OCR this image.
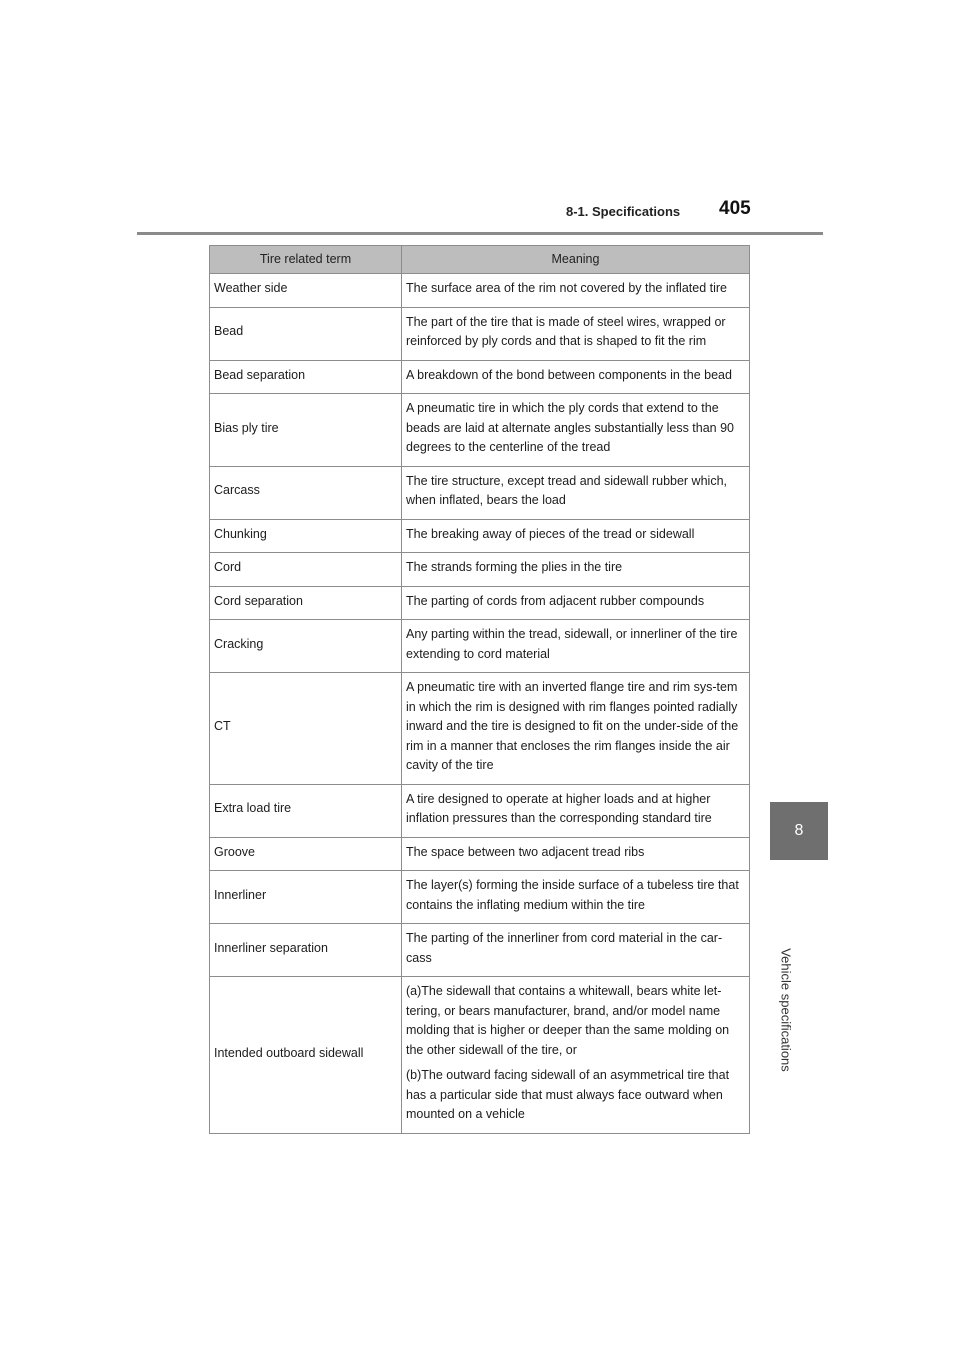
8-1. Specifications 405
8
Vehicle specifications
Tire related term	Meaning
Weather side	The surface area of the rim not covered by the inflated tire

Bead	The part of the tire that is made of steel wires, wrapped or reinforced by ply cords and that is shaped to fit the rim

Bead separation	A breakdown of the bond between components in the bead

Bias ply tire	A pneumatic tire in which the ply cords that extend to the beads are laid at alternate angles substantially less than 90 degrees to the centerline of the tread

Carcass	The tire structure, except tread and sidewall rubber which, when inflated, bears the load

Chunking	The breaking away of pieces of the tread or sidewall

Cord	The strands forming the plies in the tire

Cord separation	The parting of cords from adjacent rubber compounds

Cracking	Any parting within the tread, sidewall, or innerliner of the tire extending to cord material

CT	A pneumatic tire with an inverted flange tire and rim sys-tem in which the rim is designed with rim flanges pointed radially inward and the tire is designed to fit on the under-side of the rim in a manner that encloses the rim flanges inside the air cavity of the tire

Extra load tire	A tire designed to operate at higher loads and at higher inflation pressures than the corresponding standard tire

Groove	The space between two adjacent tread ribs

Innerliner	The layer(s) forming the inside surface of a tubeless tire that contains the inflating medium within the tire

Innerliner separation	The parting of the innerliner from cord material in the car-cass

Intended outboard sidewall	(a)The sidewall that contains a whitewall, bears white let-tering, or bears manufacturer, brand, and/or model name molding that is higher or deeper than the same molding on the other sidewall of the tire, or
(b)The outward facing sidewall of an asymmetrical tire that has a particular side that must always face outward when mounted on a vehicle
